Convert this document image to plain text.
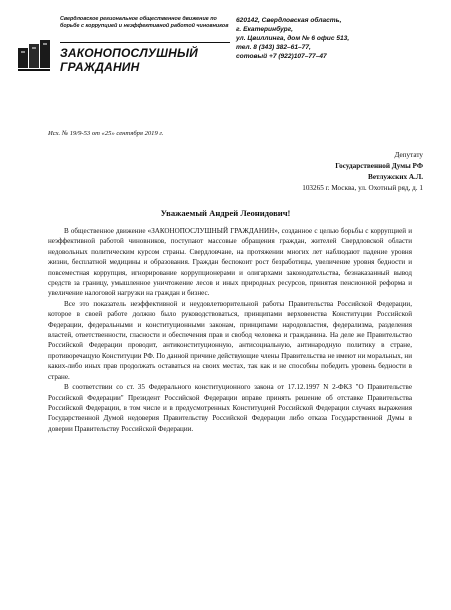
Свердловское региональное общественное движение по борьбе с коррупцией и неэффективной работой чиновников
ЗАКОНОПОСЛУШНЫЙ
ГРАЖДАНИН
620142, Свердловская область,
г. Екатеринбург,
ул. Цвиллинга, дом № 6 офис 513,
тел. 8 (343) 382–61–77,
сотовый +7 (922)107–77–47
Исх. № 19/9-53 от «25» сентября 2019 г.
Депутату
Государственной Думы РФ
Ветлужских А.Л.
103265 г. Москва, ул. Охотный ряд, д. 1
Уважаемый Андрей Леонидович!

В общественное движение «ЗАКОНОПОСЛУШНЫЙ ГРАЖДАНИН», созданное с целью борьбы с коррупцией и неэффективной работой чиновников, поступают массовые обращения граждан, жителей Свердловской области недовольных политическим курсом страны. Свердловчане, на протяжении многих лет наблюдают падение уровня жизни, бесплатной медицины и образования. Граждан беспокоит рост безработицы, увеличение уровня бедности и повсеместная коррупция, игнорирование коррупционерами и олигархами законодательства, безнаказанный вывод средств за границу, умышленное уничтожение лесов и иных природных ресурсов, принятая пенсионной реформа и увеличение налоговой нагрузки на граждан и бизнес.

Все это показатель неэффективной и неудовлетворительной работы Правительства Российской Федерации, которое в своей работе должно было руководствоваться, принципами верховенства Конституции Российской Федерации, федеральными и конституционными законам, принципами народовластия, федерализма, разделения властей, ответственности, гласности и обеспечения прав и свобод человека и гражданина. На деле же Правительство Российской Федерации проводит, антиконституционную, антисоциальную, антинародную политику в стране, противоречащую Конституции РФ. По данной причине действующие члены Правительства не имеют ни моральных, ни каких-либо иных прав продолжать оставаться на своих местах, так как и не способны победить уровень бедности в стране.

В соответствии со ст. 35 Федерального конституционного закона от 17.12.1997 N 2-ФКЗ "О Правительстве Российской Федерации" Президент Российской Федерации вправе принять решение об отставке Правительства Российской Федерации, в том числе и в предусмотренных Конституцией Российской Федерации случаях выражения Государственной Думой недоверия Правительству Российской Федерации либо отказа Государственной Думы в доверии Правительству Российской Федерации.
